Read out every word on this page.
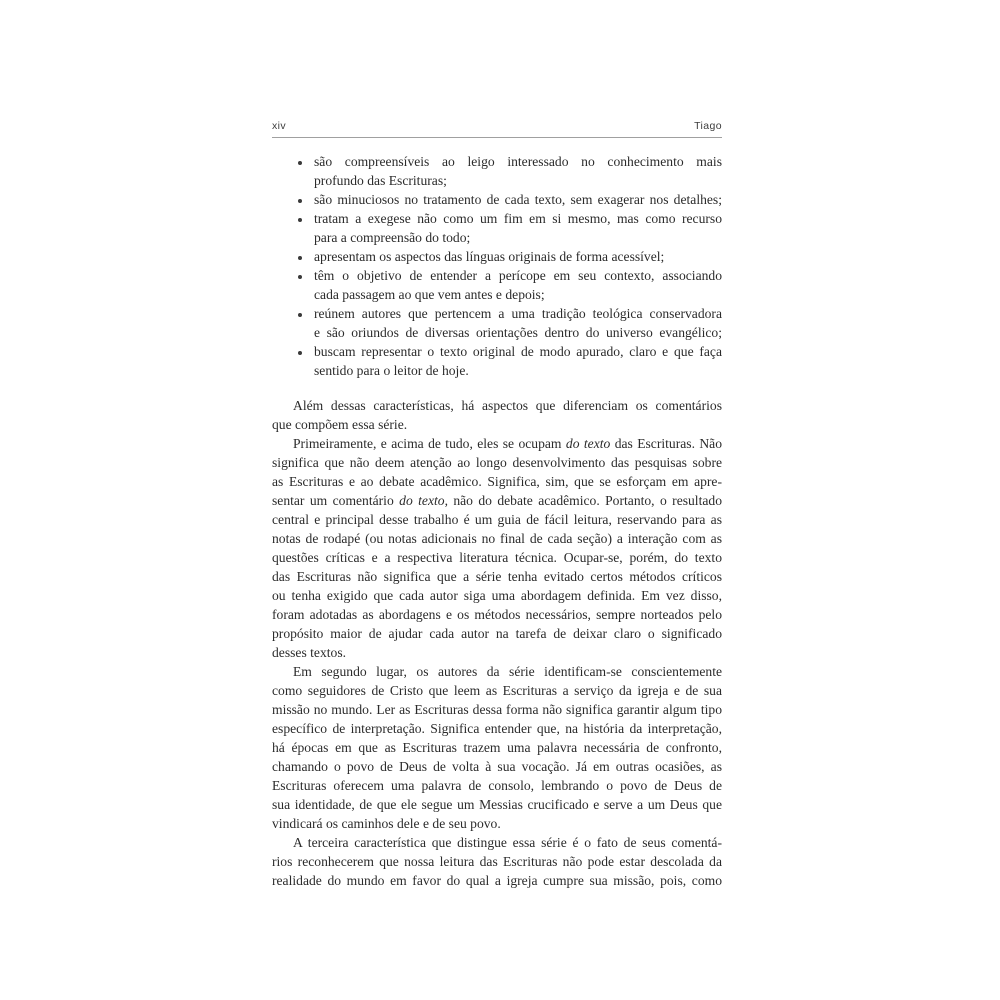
xiv	Tiago
são compreensíveis ao leigo interessado no conhecimento mais
profundo das Escrituras;
são minuciosos no tratamento de cada texto, sem exagerar nos detalhes;
tratam a exegese não como um fim em si mesmo, mas como recurso
para a compreensão do todo;
apresentam os aspectos das línguas originais de forma acessível;
têm o objetivo de entender a perícope em seu contexto, associando
cada passagem ao que vem antes e depois;
reúnem autores que pertencem a uma tradição teológica conservadora
e são oriundos de diversas orientações dentro do universo evangélico;
buscam representar o texto original de modo apurado, claro e que faça
sentido para o leitor de hoje.
Além dessas características, há aspectos que diferenciam os comentários
que compõem essa série.
Primeiramente, e acima de tudo, eles se ocupam do texto das Escrituras. Não
significa que não deem atenção ao longo desenvolvimento das pesquisas sobre
as Escrituras e ao debate acadêmico. Significa, sim, que se esforçam em apre-
sentar um comentário do texto, não do debate acadêmico. Portanto, o resultado
central e principal desse trabalho é um guia de fácil leitura, reservando para as
notas de rodapé (ou notas adicionais no final de cada seção) a interação com as
questões críticas e a respectiva literatura técnica. Ocupar-se, porém, do texto
das Escrituras não significa que a série tenha evitado certos métodos críticos
ou tenha exigido que cada autor siga uma abordagem definida. Em vez disso,
foram adotadas as abordagens e os métodos necessários, sempre norteados pelo
propósito maior de ajudar cada autor na tarefa de deixar claro o significado
desses textos.
Em segundo lugar, os autores da série identificam-se conscientemente
como seguidores de Cristo que leem as Escrituras a serviço da igreja e de sua
missão no mundo. Ler as Escrituras dessa forma não significa garantir algum tipo
específico de interpretação. Significa entender que, na história da interpretação,
há épocas em que as Escrituras trazem uma palavra necessária de confronto,
chamando o povo de Deus de volta à sua vocação. Já em outras ocasiões, as
Escrituras oferecem uma palavra de consolo, lembrando o povo de Deus de
sua identidade, de que ele segue um Messias crucificado e serve a um Deus que
vindicará os caminhos dele e de seu povo.
A terceira característica que distingue essa série é o fato de seus comentá-
rios reconhecerem que nossa leitura das Escrituras não pode estar descolada da
realidade do mundo em favor do qual a igreja cumpre sua missão, pois, como
